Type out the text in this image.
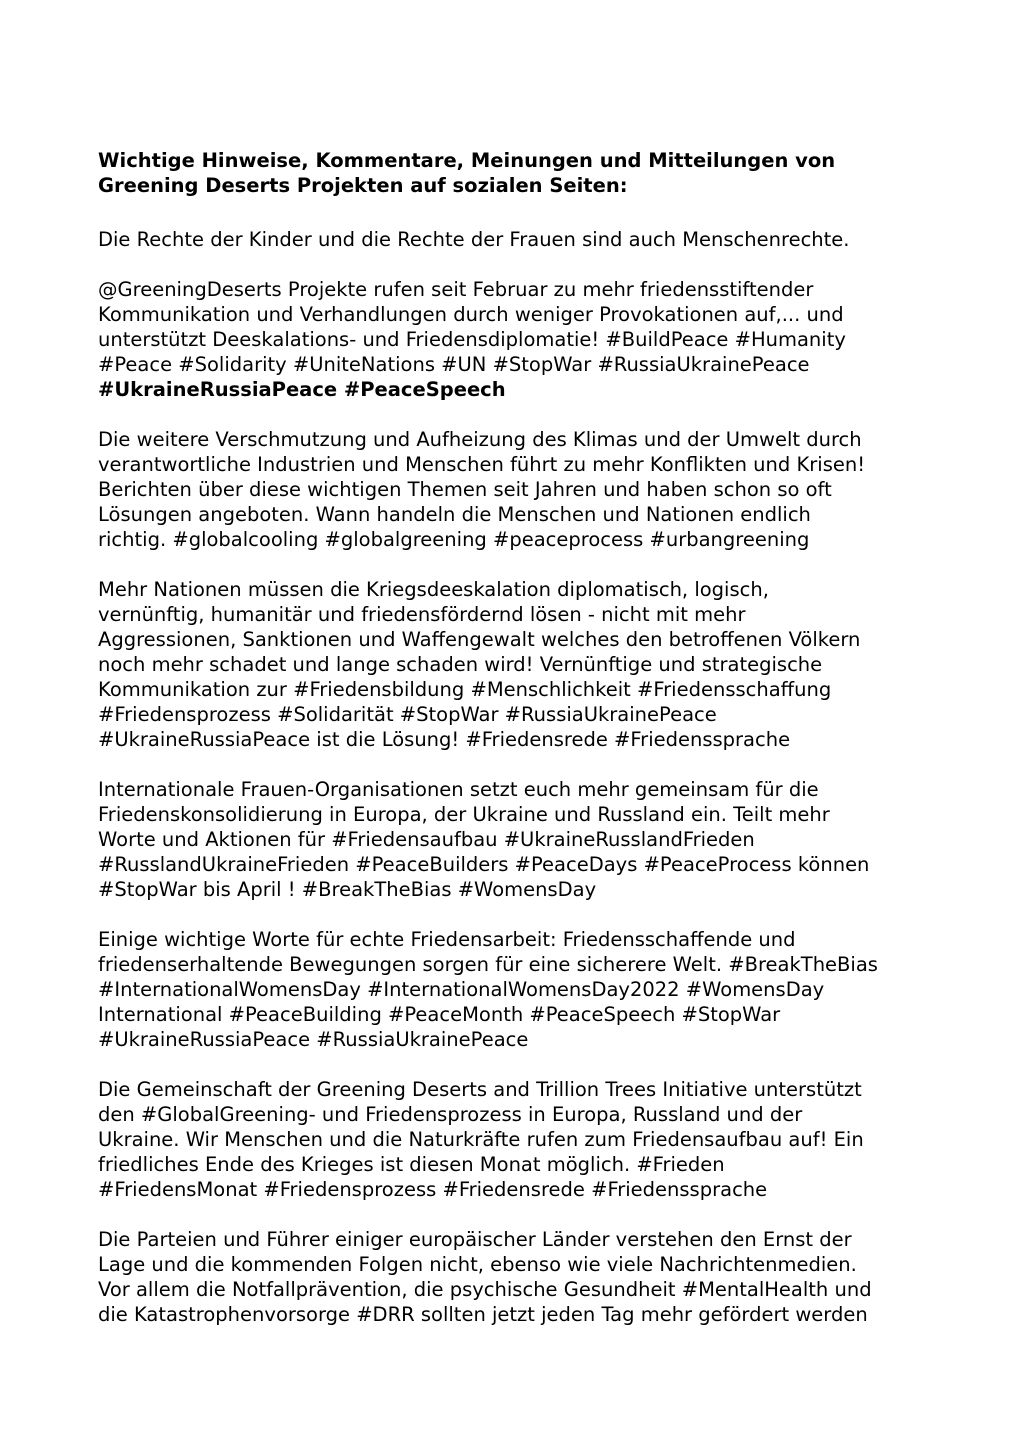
Wichtige Hinweise, Kommentare, Meinungen und Mitteilungen von
Greening Deserts Projekten auf sozialen Seiten:

Die Rechte der Kinder und die Rechte der Frauen sind auch Menschenrechte.

@GreeningDeserts Projekte rufen seit Februar zu mehr friedensstiftender
Kommunikation und Verhandlungen durch weniger Provokationen auf,... und
unterstützt Deeskalations- und Friedensdiplomatie! #BuildPeace #Humanity
#Peace #Solidarity #UniteNations #UN #StopWar #RussiaUkrainePeace
#UkraineRussiaPeace #PeaceSpeech

Die weitere Verschmutzung und Aufheizung des Klimas und der Umwelt durch
verantwortliche Industrien und Menschen führt zu mehr Konflikten und Krisen!
Berichten über diese wichtigen Themen seit Jahren und haben schon so oft
Lösungen angeboten. Wann handeln die Menschen und Nationen endlich
richtig. #globalcooling #globalgreening #peaceprocess #urbangreening

Mehr Nationen müssen die Kriegsdeeskalation diplomatisch, logisch,
vernünftig, humanitär und friedensfördernd lösen - nicht mit mehr
Aggressionen, Sanktionen und Waffengewalt welches den betroffenen Völkern
noch mehr schadet und lange schaden wird! Vernünftige und strategische
Kommunikation zur #Friedensbildung #Menschlichkeit #Friedensschaffung
#Friedensprozess #Solidarität #StopWar #RussiaUkrainePeace
#UkraineRussiaPeace ist die Lösung! #Friedensrede #Friedenssprache

Internationale Frauen-Organisationen setzt euch mehr gemeinsam für die
Friedenskonsolidierung in Europa, der Ukraine und Russland ein. Teilt mehr
Worte und Aktionen für #Friedensaufbau #UkraineRusslandFrieden
#RusslandUkraineFrieden #PeaceBuilders #PeaceDays #PeaceProcess können
#StopWar bis April ! #BreakTheBias #WomensDay

Einige wichtige Worte für echte Friedensarbeit: Friedensschaffende und
friedenserhaltende Bewegungen sorgen für eine sicherere Welt. #BreakTheBias
#InternationalWomensDay #InternationalWomensDay2022 #WomensDay
International #PeaceBuilding #PeaceMonth #PeaceSpeech #StopWar
#UkraineRussiaPeace #RussiaUkrainePeace

Die Gemeinschaft der Greening Deserts and Trillion Trees Initiative unterstützt
den #GlobalGreening- und Friedensprozess in Europa, Russland und der
Ukraine. Wir Menschen und die Naturkräfte rufen zum Friedensaufbau auf! Ein
friedliches Ende des Krieges ist diesen Monat möglich. #Frieden
#FriedensMonat #Friedensprozess #Friedensrede #Friedenssprache

Die Parteien und Führer einiger europäischer Länder verstehen den Ernst der
Lage und die kommenden Folgen nicht, ebenso wie viele Nachrichtenmedien.
Vor allem die Notfallprävention, die psychische Gesundheit #MentalHealth und
die Katastrophenvorsorge #DRR sollten jetzt jeden Tag mehr gefördert werden
